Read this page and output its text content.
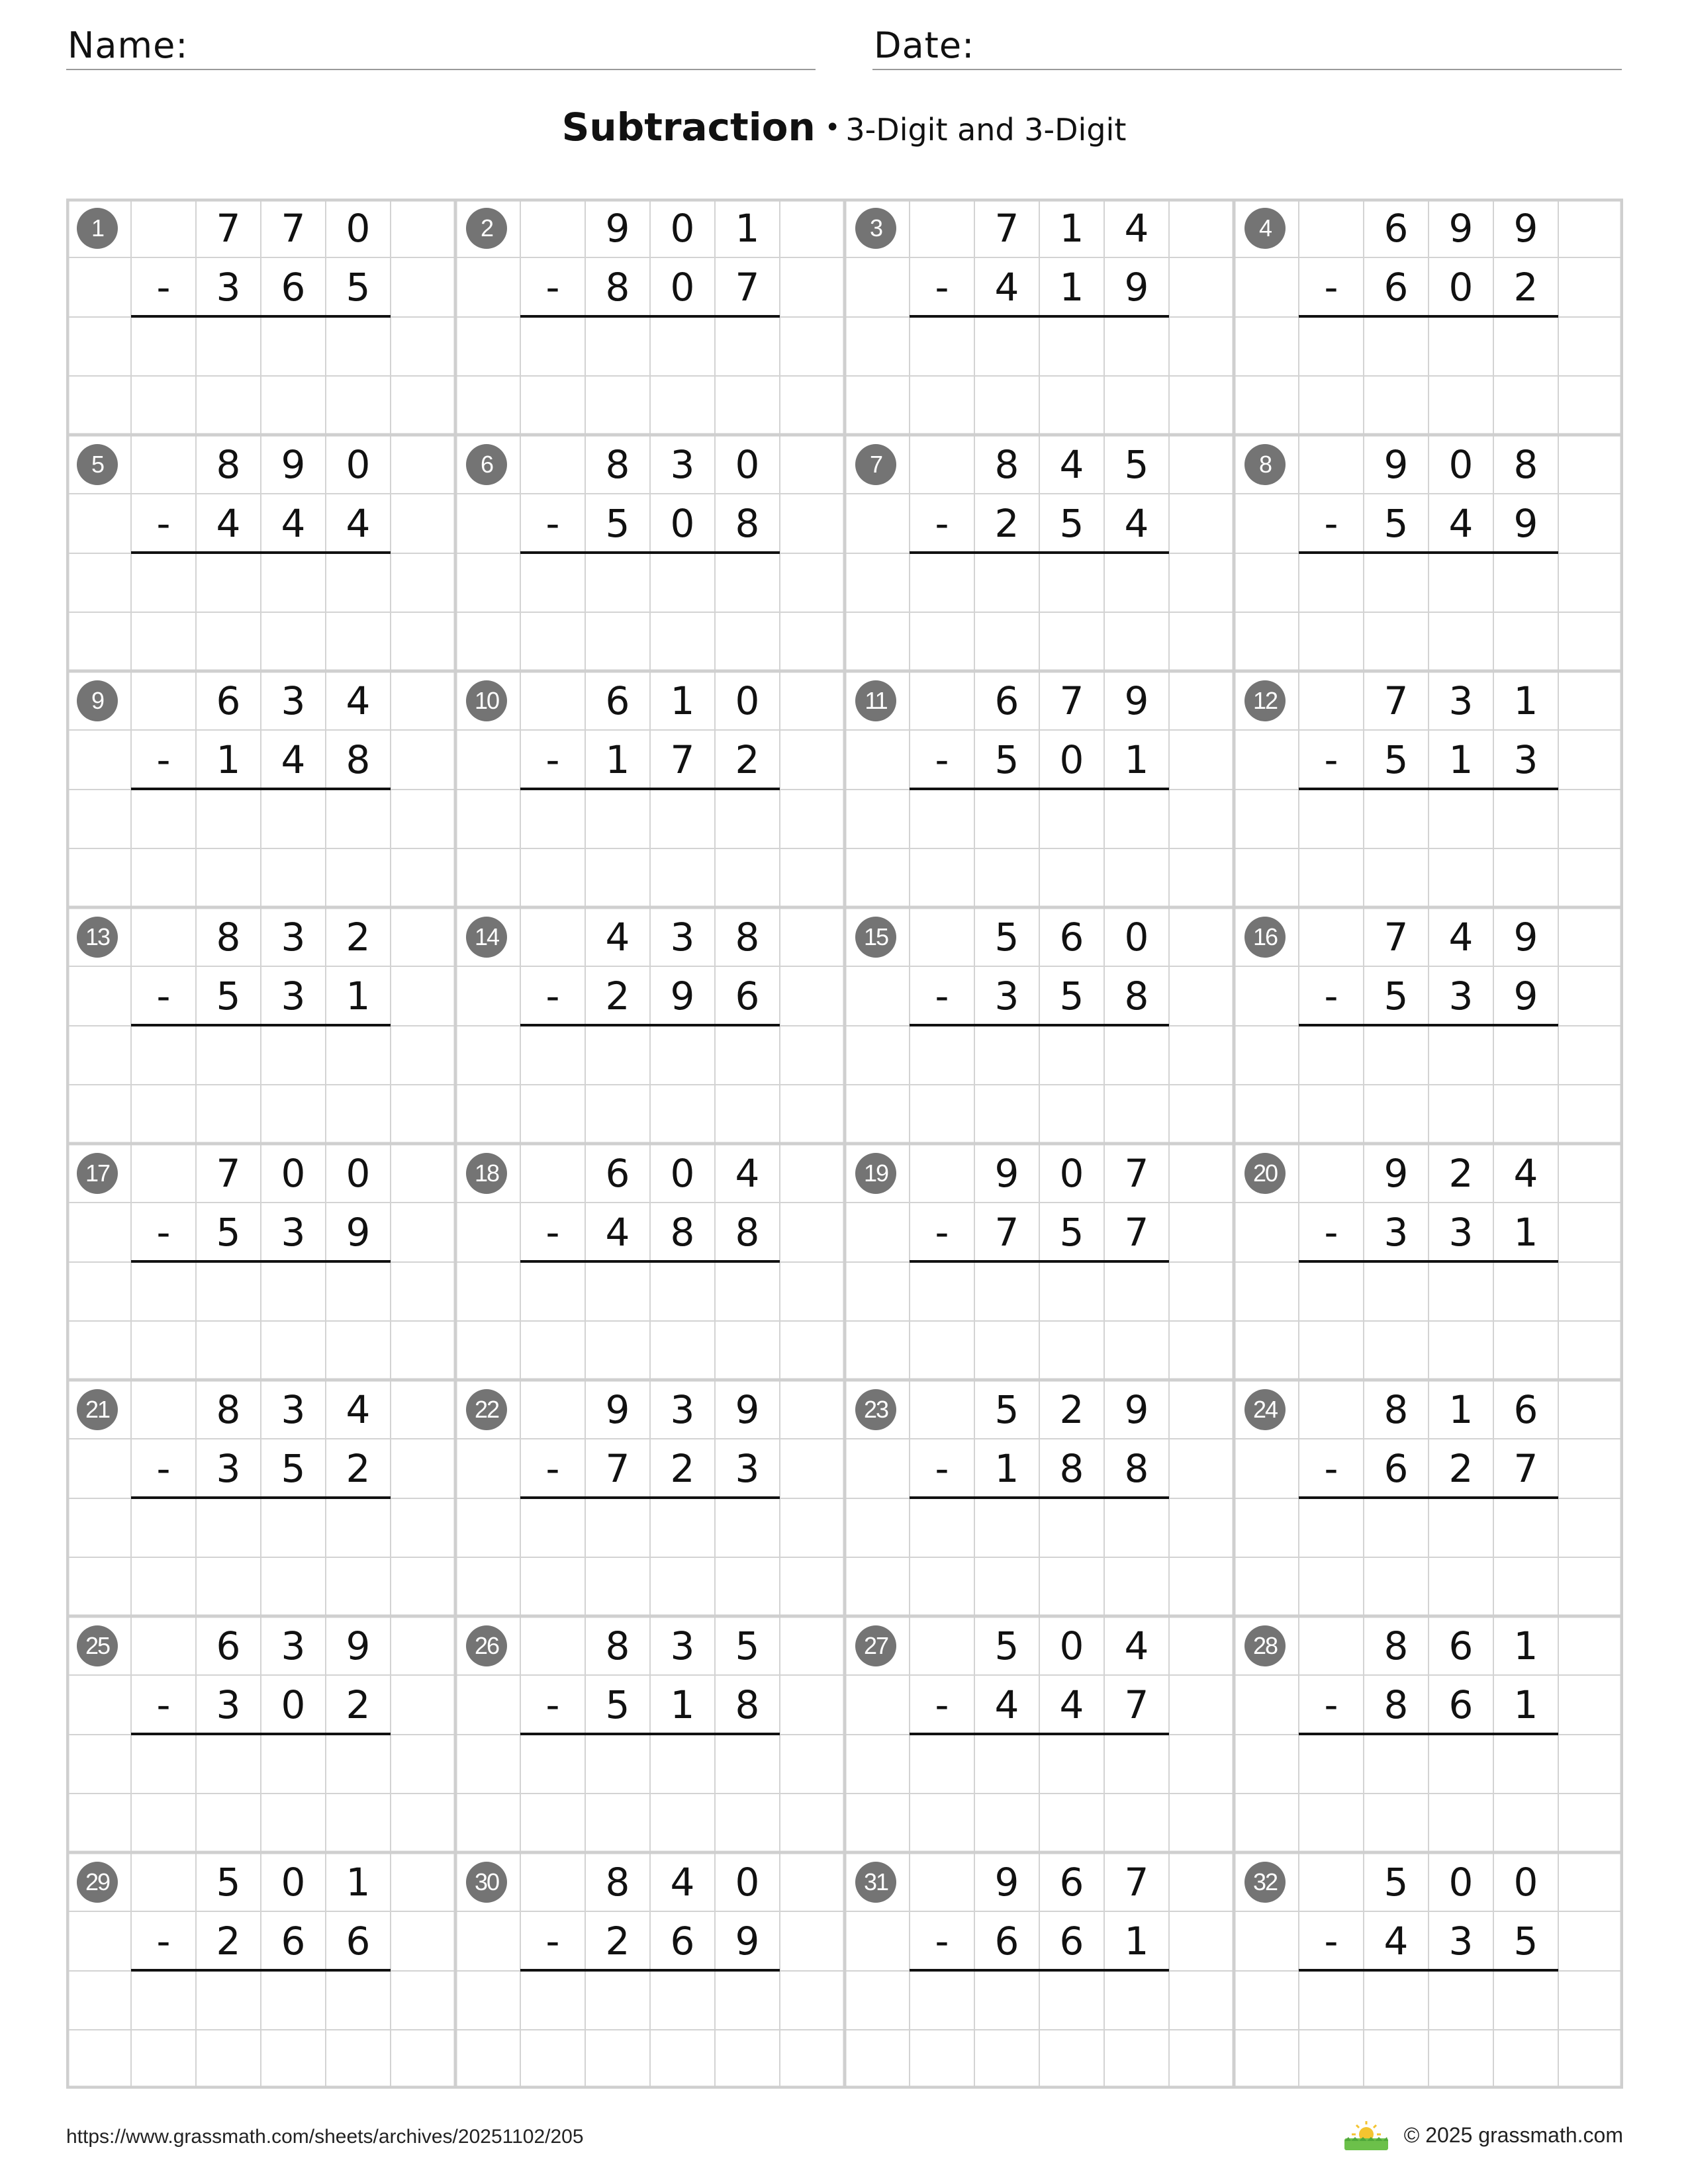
Name:	Date:
Subtraction • 3-Digit and 3-Digit
1	7	7	0
3	6	5
-
2	9	0	1
8	0	7
-
3	7	1	4
4	1	9
-
4	6	9	9
6	0	2
-
5	8	9	0
4	4	4
-
6	8	3	0
5	0	8
-
7	8	4	5
2	5	4
-
8	9	0	8
5	4	9
-
9	6	3	4
1	4	8
-
10	6	1	0
1	7	2
-
11	6	7	9
5	0	1
-
12	7	3	1
5	1	3
-
13	8	3	2
5	3	1
-
14	4	3	8
2	9	6
-
15	5	6	0
3	5	8
-
16	7	4	9
5	3	9
-
17	7	0	0
5	3	9
-
18	6	0	4
4	8	8
-
19	9	0	7
7	5	7
-
20	9	2	4
3	3	1
-
21	8	3	4
3	5	2
-
22	9	3	9
7	2	3
-
23	5	2	9
1	8	8
-
24	8	1	6
6	2	7
-
25	6	3	9
3	0	2
-
26	8	3	5
5	1	8
-
27	5	0	4
4	4	7
-
28	8	6	1
8	6	1
-
29	5	0	1
2	6	6
-
30	8	4	0
2	6	9
-
31	9	6	7
6	6	1
-
32	5	0	0
4	3	5
-
https://www.grassmath.com/sheets/archives/20251102/205	© 2025 grassmath.com
